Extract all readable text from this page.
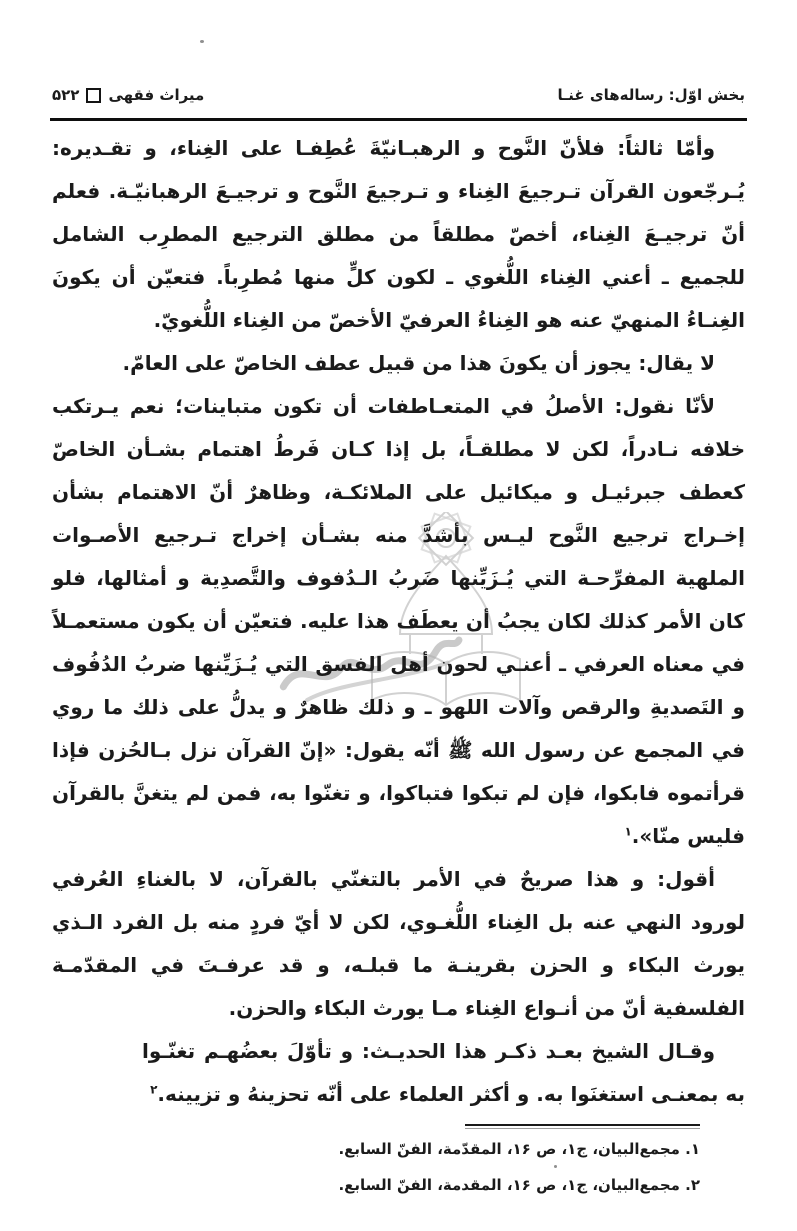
۵۲۲ ميراث فقهى	بخش اوّل: رساله‌هاى غنـا

وأمّا ثالثاً: فلأنّ النَّوح و الرهبـانيّةَ عُطِفـا على الغِناء، و تقـديره: يُـرجّعون القرآن تـرجيعَ الغِناء و تـرجيعَ النَّوح و ترجيـعَ الرهبانيّـة. فعلم أنّ ترجيـعَ الغِناء، أخصّ مطلقاً من مطلق الترجيع المطرِب الشامل للجميع ـ أعني الغِناء اللُّغوي ـ لكون كلٍّ منها مُطرِباً. فتعيّن أن يكونَ الغِنـاءُ المنهيّ عنه هو الغِناءُ العرفيّ الأخصّ من الغِناء اللُّغويّ.

لا يقال: يجوز أن يكونَ هذا من قبيل عطف الخاصّ على العامّ.

لأنّا نقول: الأصلُ في المتعـاطفات أن تكون متباينات؛ نعم يـرتكب خلافه نـادراً، لكن لا مطلقـاً، بل إذا كـان فَرطُ اهتمام بشـأن الخاصّ كعطف جبرئيـل و ميكائيل على الملائكـة، وظاهرٌ أنّ الاهتمام بشأن إخـراج ترجيع النَّوح ليـس بأشدَّ منه بشـأن إخراج تـرجيع الأصـوات الملهية المفرِّحـة التي يُـزَيِّنها ضَربُ الـدُفوف والتَّصدِية و أمثالها، فلو كان الأمر كذلك لكان يجبُ أن يعطَف هذا عليه. فتعيّن أن يكون مستعمـلاً في معناه العرفي ـ أعنـي لحون أهل الفسق التي يُـزَيِّنها ضربُ الدُفُوف و التَصديةِ والرقص وآلات اللهو ـ و ذلك ظاهرٌ و يدلُّ على ذلك ما روي في المجمع عن رسول الله ﷺ أنّه يقول: «إنّ القرآن نزل بـالحُزن فإذا قرأتموه فابكوا، فإن لم تبكوا فتباكوا، و تغنّوا به، فمن لم يتغنَّ بالقرآن فليس منّا».$^۱$

أقول: و هذا صريحٌ في الأمر بالتغنّي بالقرآن، لا بالغناءِ العُرفي لورود النهي عنه بل الغِناء اللُّغـوي، لكن لا أيّ فردٍ منه بل الفرد الـذي يورث البكاء و الحزن بقرينـة ما قبلـه، و قد عرفـتَ في المقدّمـة الفلسفية أنّ من أنـواع الغِناء مـا يورث البكاء والحزن.

وقـال الشيخ بعـد ذكـر هذا الحديـث: و تأوّلَ بعضُهـم تغنّـوا به بمعنـى استغنَوا به. و أكثر العلماء على أنّه تحزينهُ و تزيينه.$^۲$

۱. مجمع‌البيان، ج۱، ص ۱۶، المقدّمة، الفنّ السابع.
۲. مجمع‌البيان، ج۱، ص ۱۶، المقدمة، الفنّ السابع.
